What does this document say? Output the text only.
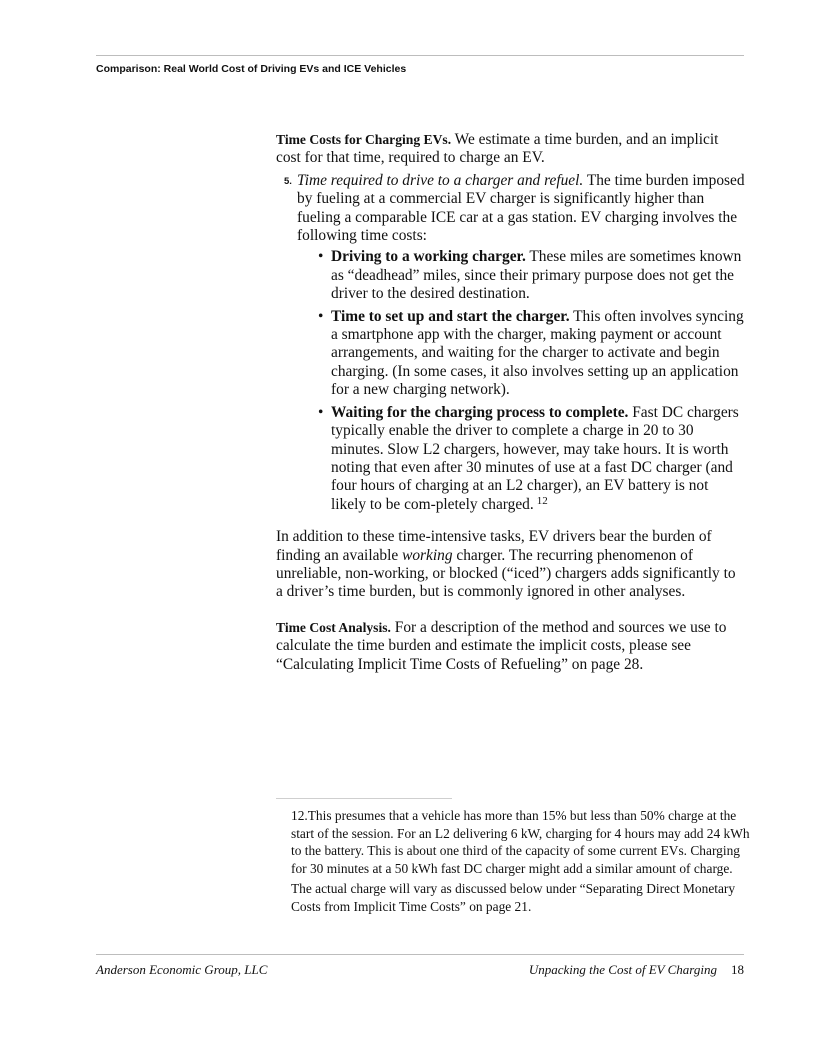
Comparison: Real World Cost of Driving EVs and ICE Vehicles

Time Costs for Charging EVs. We estimate a time burden, and an implicit cost for that time, required to charge an EV.

5. Time required to drive to a charger and refuel. The time burden imposed by fueling at a commercial EV charger is significantly higher than fueling a comparable ICE car at a gas station. EV charging involves the following time costs:

• Driving to a working charger. These miles are sometimes known as “deadhead” miles, since their primary purpose does not get the driver to the desired destination.
• Time to set up and start the charger. This often involves syncing a smartphone app with the charger, making payment or account arrangements, and waiting for the charger to activate and begin charging. (In some cases, it also involves setting up an application for a new charging network).
• Waiting for the charging process to complete. Fast DC chargers typically enable the driver to complete a charge in 20 to 30 minutes. Slow L2 chargers, however, may take hours. It is worth noting that even after 30 minutes of use at a fast DC charger (and four hours of charging at an L2 charger), an EV battery is not likely to be com-pletely charged. $^{12}$

In addition to these time-intensive tasks, EV drivers bear the burden of finding an available working charger. The recurring phenomenon of unreliable, non-working, or blocked (“iced”) chargers adds significantly to a driver’s time burden, but is commonly ignored in other analyses.

Time Cost Analysis. For a description of the method and sources we use to calculate the time burden and estimate the implicit costs, please see “Calculating Implicit Time Costs of Refueling” on page 28.

12.This presumes that a vehicle has more than 15% but less than 50% charge at the start of the session. For an L2 delivering 6 kW, charging for 4 hours may add 24 kWh to the battery. This is about one third of the capacity of some current EVs. Charging for 30 minutes at a 50 kWh fast DC charger might add a similar amount of charge.

The actual charge will vary as discussed below under “Separating Direct Monetary Costs from Implicit Time Costs” on page 21.

Anderson Economic Group, LLC	Unpacking the Cost of EV Charging 18
